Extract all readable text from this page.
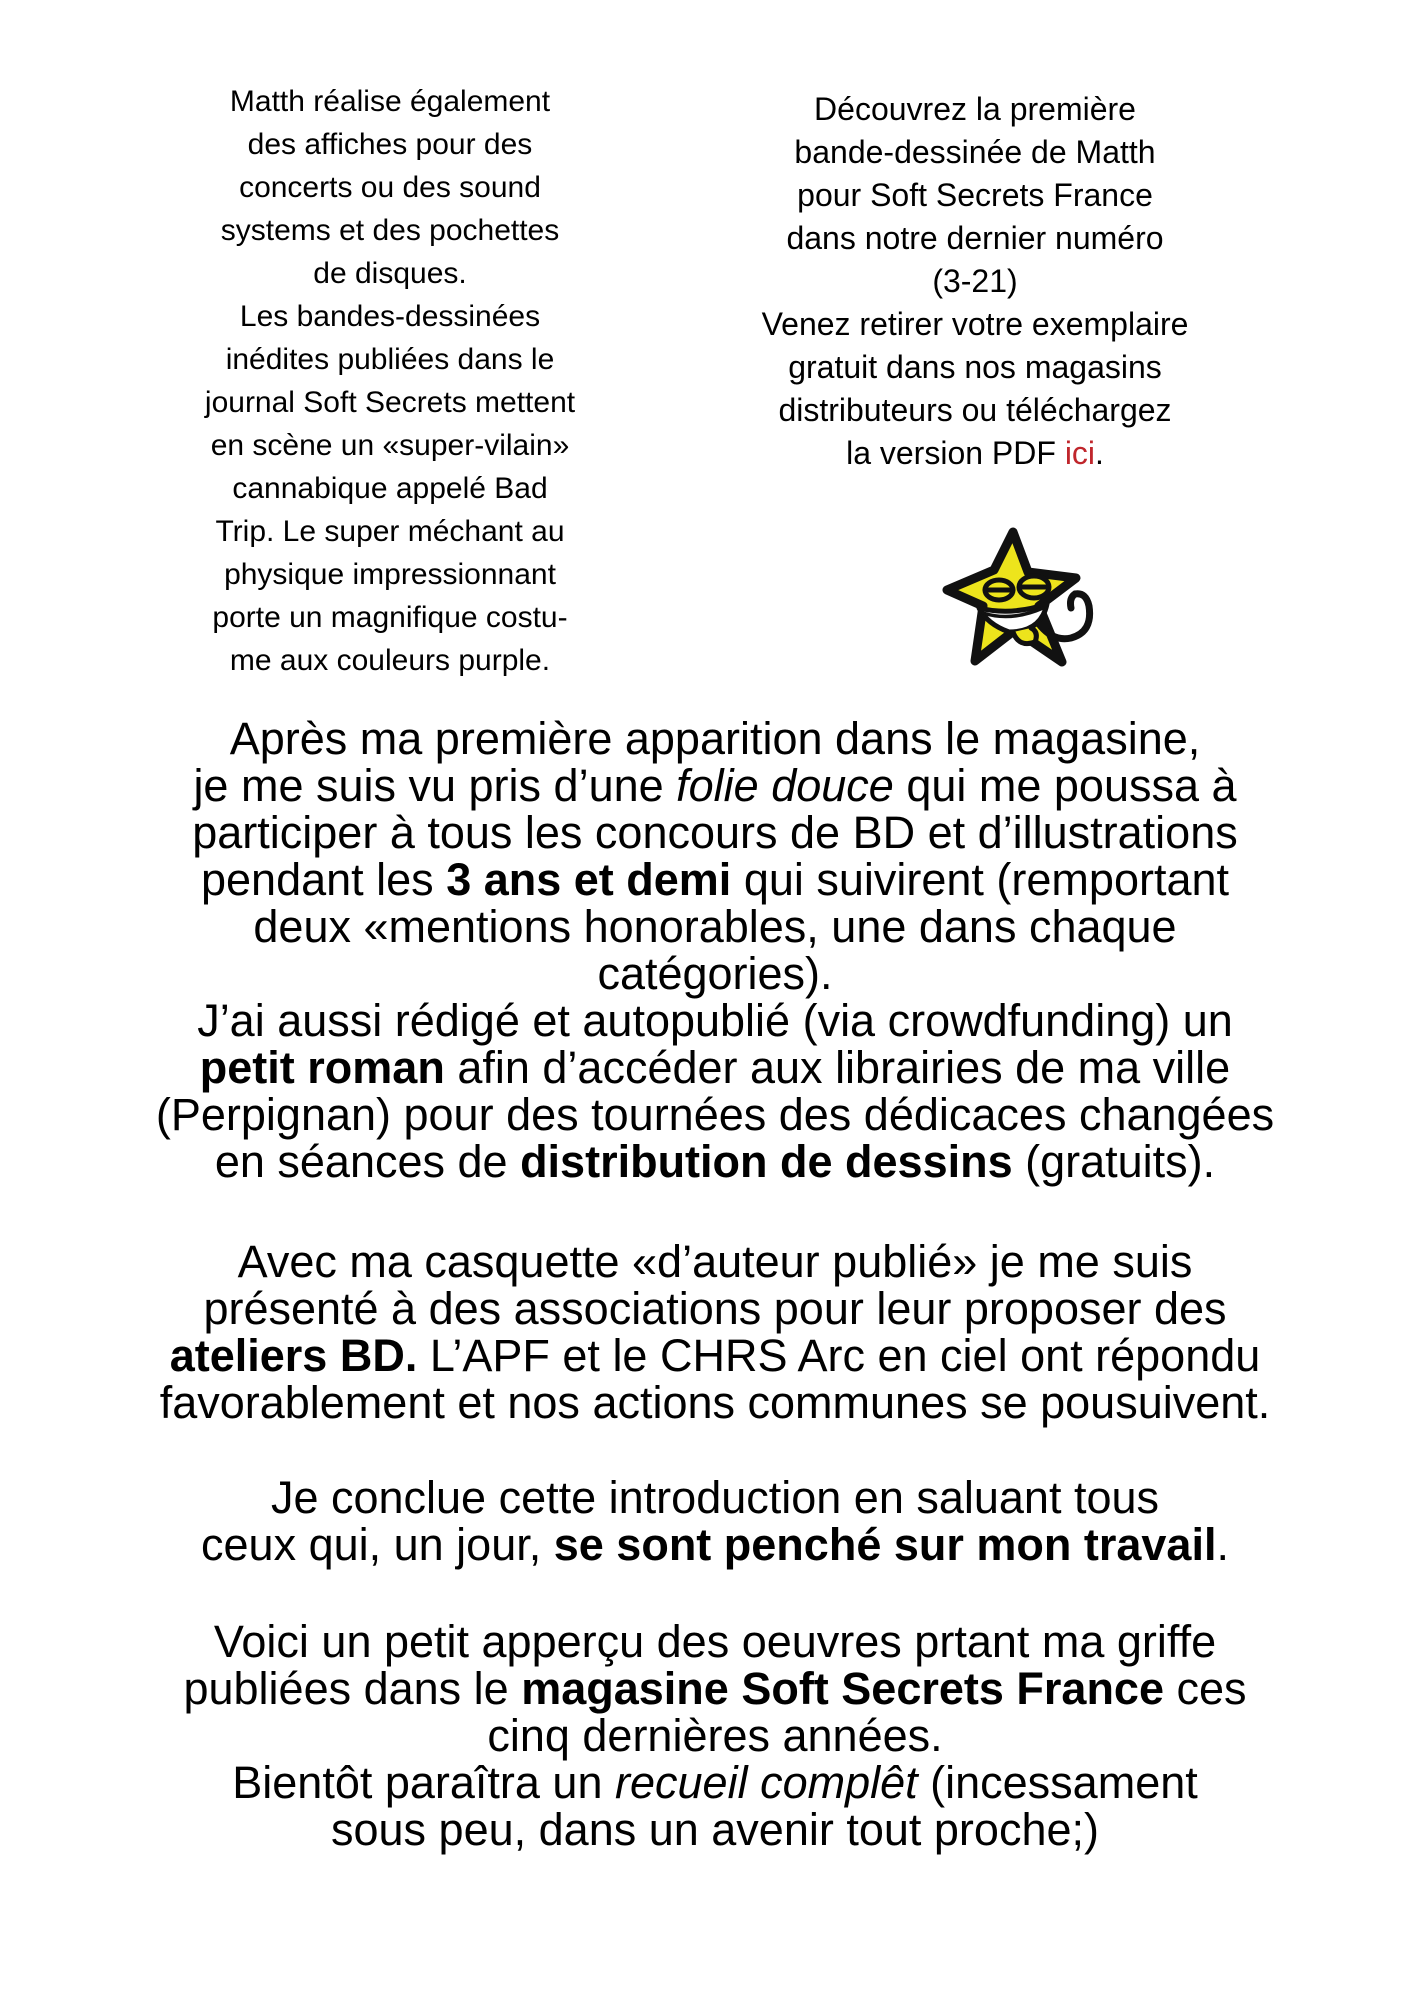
Matth réalise également
des affiches pour des
concerts ou des sound
systems et des pochettes
de disques.
Les bandes-dessinées
inédites publiées dans le
journal Soft Secrets mettent
en scène un «super-vilain»
cannabique appelé Bad
Trip. Le super méchant au
physique impressionnant
porte un magnifique costu-
me aux couleurs purple.
Découvrez la première
bande-dessinée de Matth
pour Soft Secrets France
dans notre dernier numéro
(3-21)
Venez retirer votre exemplaire
gratuit dans nos magasins
distributeurs ou téléchargez
la version PDF ici.
Après ma première apparition dans le magasine,
je me suis vu pris d’une folie douce qui me poussa à
participer à tous les concours de BD et d’illustrations
pendant les 3 ans et demi qui suivirent (remportant
deux «mentions honorables, une dans chaque
catégories).
J’ai aussi rédigé et autopublié (via crowdfunding) un
petit roman afin d’accéder aux librairies de ma ville
(Perpignan) pour des tournées des dédicaces changées
en séances de distribution de dessins (gratuits).
Avec ma casquette «d’auteur publié» je me suis
présenté à des associations pour leur proposer des
ateliers BD. L’APF et le CHRS Arc en ciel ont répondu
favorablement et nos actions communes se pousuivent.
Je conclue cette introduction en saluant tous
ceux qui, un jour, se sont penché sur mon travail.
Voici un petit apperçu des oeuvres prtant ma griffe
publiées dans le magasine Soft Secrets France ces
cinq dernières années.
Bientôt paraîtra un recueil complêt (incessament
sous peu, dans un avenir tout proche;)
